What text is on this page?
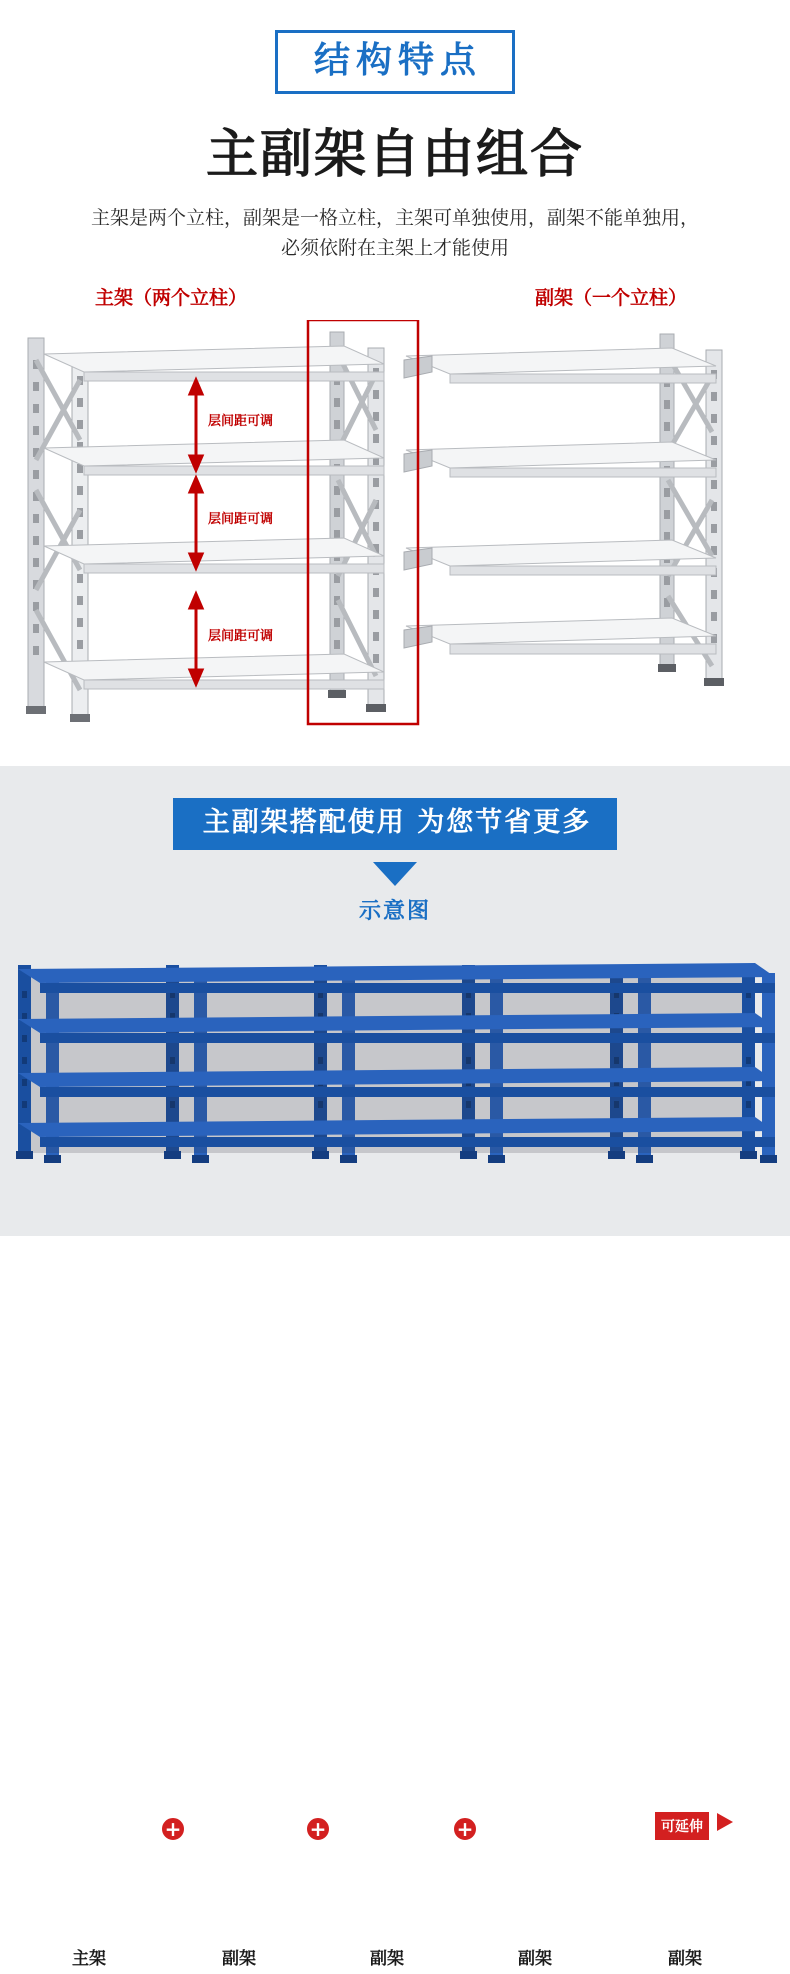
结构特点
主副架自由组合
主架是两个立柱，副架是一格立柱，主架可单独使用，副架不能单独用，
必须依附在主架上才能使用
主架（两个立柱）	副架（一个立柱）
层间距可调
层间距可调
层间距可调
主副架搭配使用 为您节省更多
示意图
+	+	+	可延伸
主架	副架	副架	副架	副架
